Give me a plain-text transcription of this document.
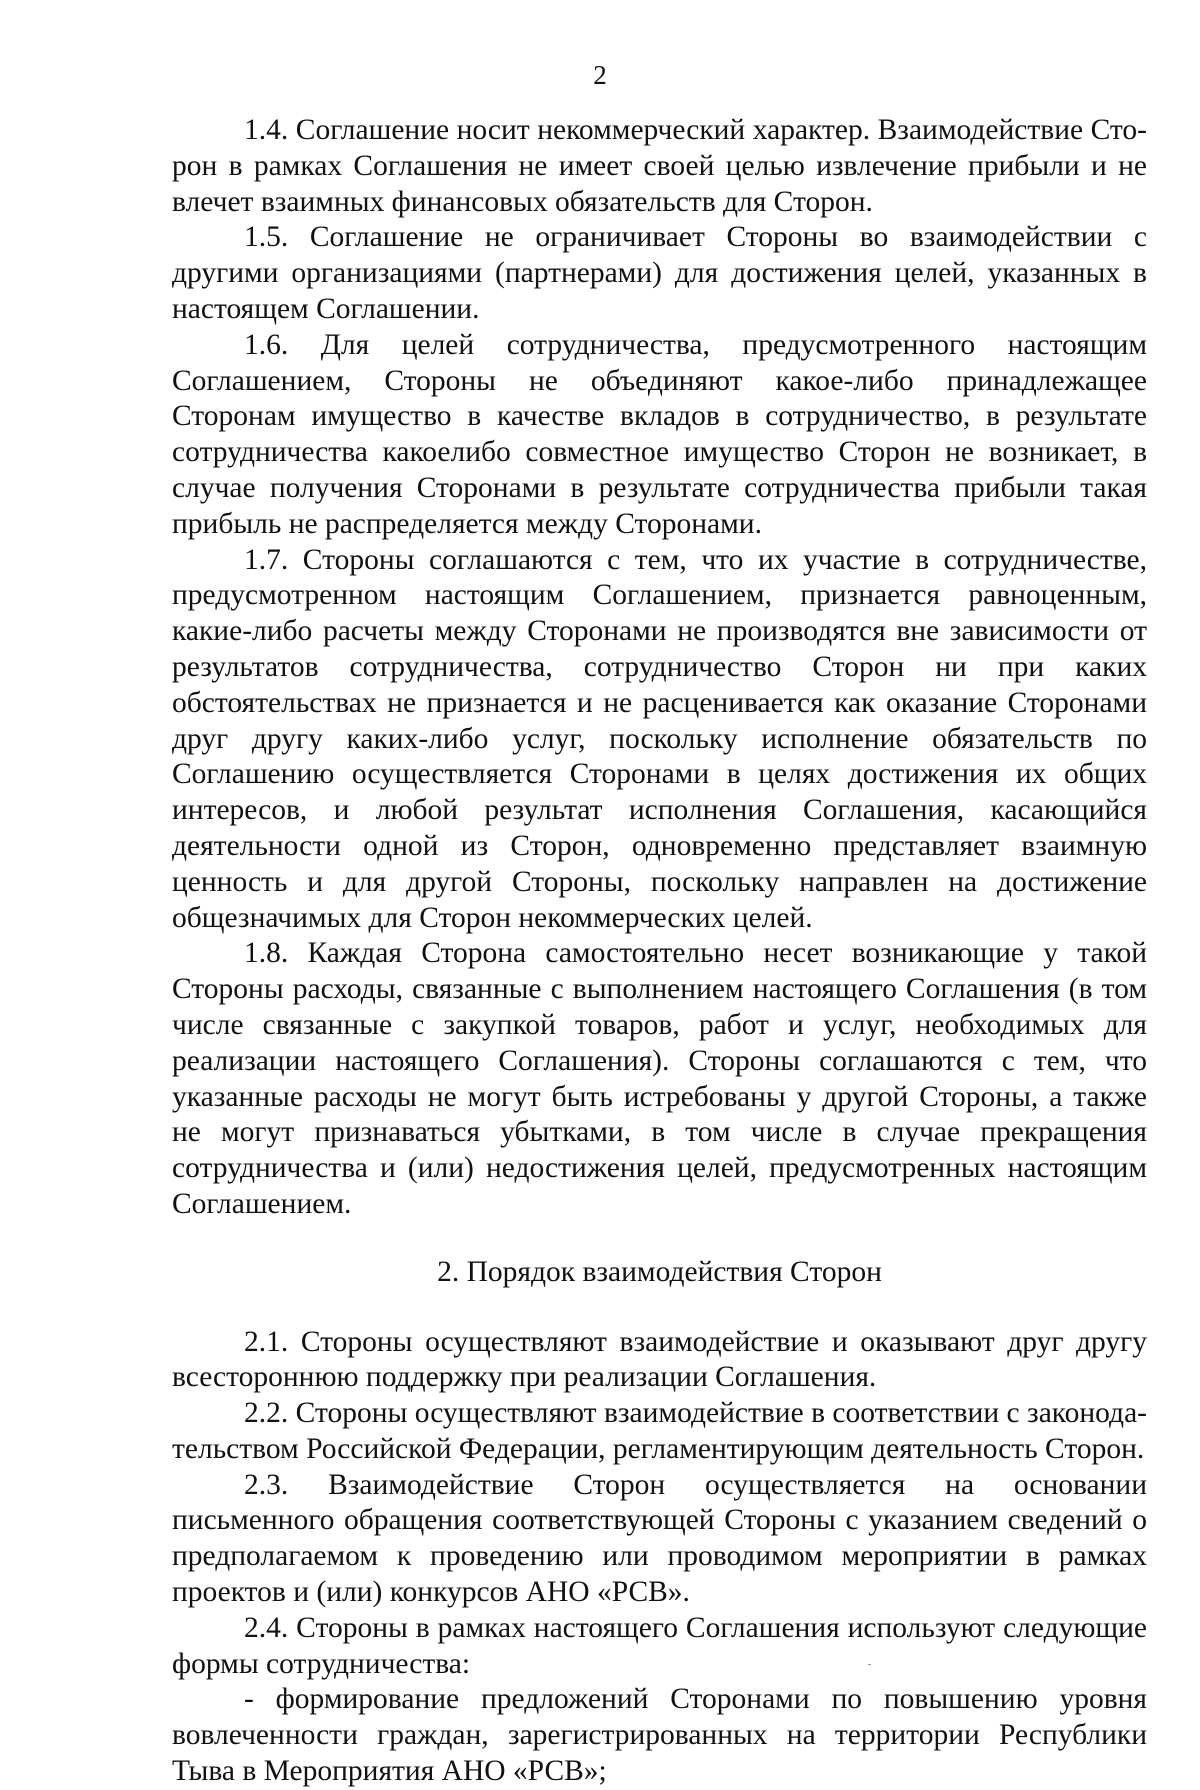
2

1.4. Соглашение носит некоммерческий характер. Взаимодействие Сторон в рамках Соглашения не имеет своей целью извлечение прибыли и не влечет взаимных финансовых обязательств для Сторон.

1.5. Соглашение не ограничивает Стороны во взаимодействии с другими организациями (партнерами) для достижения целей, указанных в настоящем Соглашении.

1.6. Для целей сотрудничества, предусмотренного настоящим Соглашением, Стороны не объединяют какое-либо принадлежащее Сторонам имущество в качестве вкладов в сотрудничество, в результате сотрудничества какоелибо совместное имущество Сторон не возникает, в случае получения Сторонами в результате сотрудничества прибыли такая прибыль не распределяется между Сторонами.

1.7. Стороны соглашаются с тем, что их участие в сотрудничестве, предусмотренном настоящим Соглашением, признается равноценным, какие-либо расчеты между Сторонами не производятся вне зависимости от результатов сотрудничества, сотрудничество Сторон ни при каких обстоятельствах не признается и не расценивается как оказание Сторонами друг другу каких-либо услуг, поскольку исполнение обязательств по Соглашению осуществляется Сторонами в целях достижения их общих интересов, и любой результат исполнения Соглашения, касающийся деятельности одной из Сторон, одновременно представляет взаимную ценность и для другой Стороны, поскольку направлен на достижение общезначимых для Сторон некоммерческих целей.

1.8. Каждая Сторона самостоятельно несет возникающие у такой Стороны расходы, связанные с выполнением настоящего Соглашения (в том числе связанные с закупкой товаров, работ и услуг, необходимых для реализации настоящего Соглашения). Стороны соглашаются с тем, что указанные расходы не могут быть истребованы у другой Стороны, а также не могут признаваться убытками, в том числе в случае прекращения сотрудничества и (или) недостижения целей, предусмотренных настоящим Соглашением.

2. Порядок взаимодействия Сторон

2.1. Стороны осуществляют взаимодействие и оказывают друг другу всестороннюю поддержку при реализации Соглашения.

2.2. Стороны осуществляют взаимодействие в соответствии с законодательством Российской Федерации, регламентирующим деятельность Сторон.

2.3. Взаимодействие Сторон осуществляется на основании письменного обращения соответствующей Стороны с указанием сведений о предполагаемом к проведению или проводимом мероприятии в рамках проектов и (или) конкурсов АНО «РСВ».

2.4. Стороны в рамках настоящего Соглашения используют следующие формы сотрудничества:

- формирование предложений Сторонами по повышению уровня вовлеченности граждан, зарегистрированных на территории Республики Тыва в Мероприятия АНО «РСВ»;
